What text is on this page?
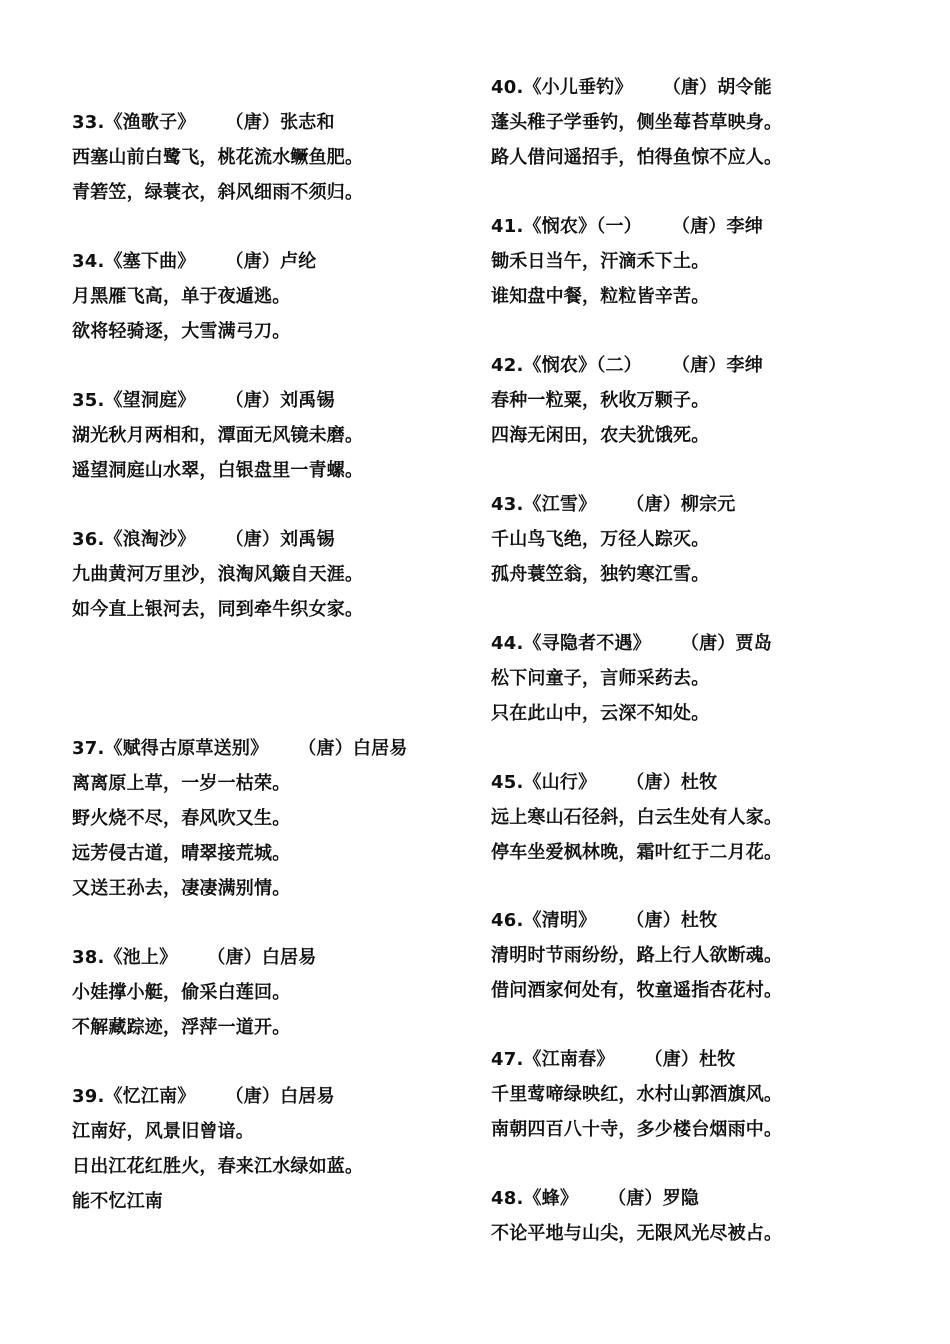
33.《渔歌子》 （唐）张志和
西塞山前白鹭飞，桃花流水鳜鱼肥。
青箬笠，绿蓑衣，斜风细雨不须归。
34.《塞下曲》 （唐）卢纶
月黑雁飞高，单于夜遁逃。
欲将轻骑逐，大雪满弓刀。
35.《望洞庭》 （唐）刘禹锡
湖光秋月两相和，潭面无风镜未磨。
遥望洞庭山水翠，白银盘里一青螺。
36.《浪淘沙》 （唐）刘禹锡
九曲黄河万里沙，浪淘风簸自天涯。
如今直上银河去，同到牵牛织女家。
37.《赋得古原草送别》 （唐）白居易
离离原上草，一岁一枯荣。
野火烧不尽，春风吹又生。
远芳侵古道，晴翠接荒城。
又送王孙去，凄凄满别情。
38.《池上》 （唐）白居易
小娃撑小艇，偷采白莲回。
不解藏踪迹，浮萍一道开。
39.《忆江南》 （唐）白居易
江南好，风景旧曾谙。
日出江花红胜火，春来江水绿如蓝。
能不忆江南
40.《小儿垂钓》 （唐）胡令能
蓬头稚子学垂钓，侧坐莓苔草映身。
路人借问遥招手，怕得鱼惊不应人。
41.《悯农》（一） （唐）李绅
锄禾日当午，汗滴禾下土。
谁知盘中餐，粒粒皆辛苦。
42.《悯农》（二） （唐）李绅
春种一粒粟，秋收万颗子。
四海无闲田，农夫犹饿死。
43.《江雪》 （唐）柳宗元
千山鸟飞绝，万径人踪灭。
孤舟蓑笠翁，独钓寒江雪。
44.《寻隐者不遇》 （唐）贾岛
松下问童子，言师采药去。
只在此山中，云深不知处。
45.《山行》 （唐）杜牧
远上寒山石径斜，白云生处有人家。
停车坐爱枫林晚，霜叶红于二月花。
46.《清明》 （唐）杜牧
清明时节雨纷纷，路上行人欲断魂。
借问酒家何处有，牧童遥指杏花村。
47.《江南春》 （唐）杜牧
千里莺啼绿映红，水村山郭酒旗风。
南朝四百八十寺，多少楼台烟雨中。
48.《蜂》 （唐）罗隐
不论平地与山尖，无限风光尽被占。
